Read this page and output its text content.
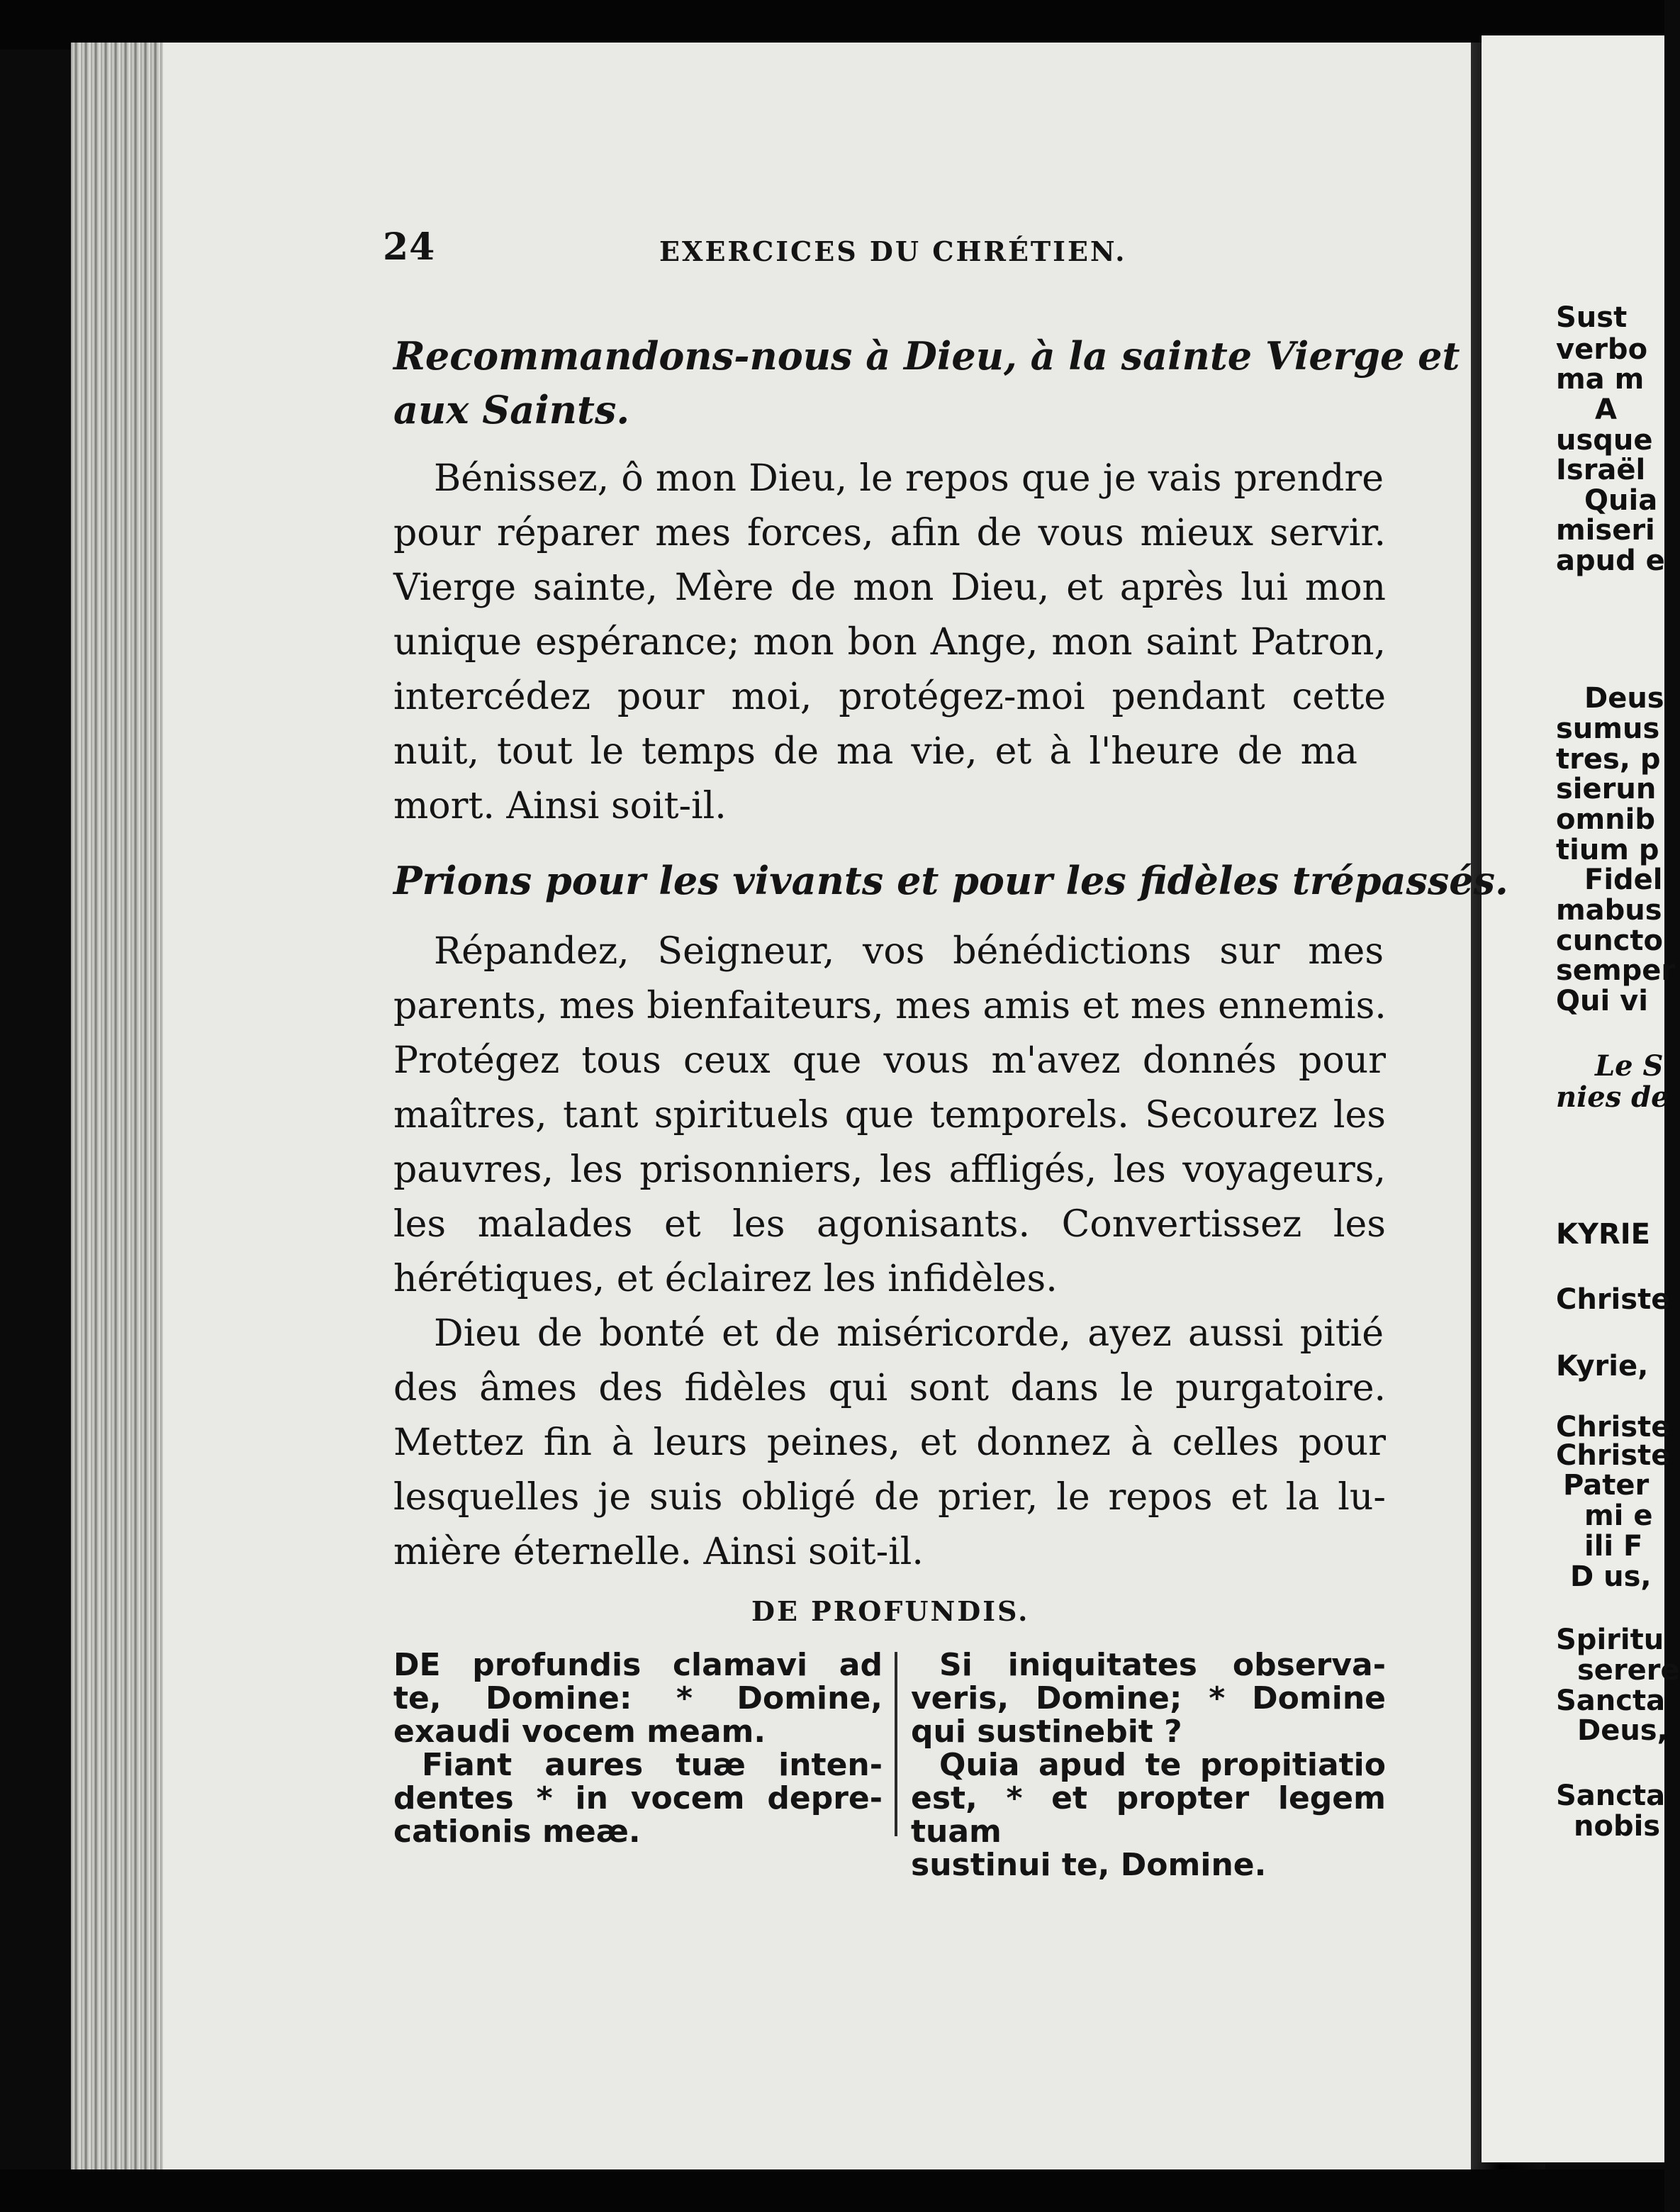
24	EXERCICES DU CHRÉTIEN.
Recommandons-nous à Dieu, à la sainte Vierge et
aux Saints.
Bénissez, ô mon Dieu, le repos que je vais prendre
pour réparer mes forces, afin de vous mieux servir.
Vierge sainte, Mère de mon Dieu, et après lui mon
unique espérance; mon bon Ange, mon saint Patron,
intercédez pour moi, protégez-moi pendant cette
nuit, tout le temps de ma vie, et à l'heure de ma
mort. Ainsi soit-il.
Prions pour les vivants et pour les fidèles trépassés.
Répandez, Seigneur, vos bénédictions sur mes
parents, mes bienfaiteurs, mes amis et mes ennemis.
Protégez tous ceux que vous m'avez donnés pour
maîtres, tant spirituels que temporels. Secourez les
pauvres, les prisonniers, les affligés, les voyageurs,
les malades et les agonisants. Convertissez les
hérétiques, et éclairez les infidèles.
Dieu de bonté et de miséricorde, ayez aussi pitié
des âmes des fidèles qui sont dans le purgatoire.
Mettez fin à leurs peines, et donnez à celles pour
lesquelles je suis obligé de prier, le repos et la lu-
mière éternelle. Ainsi soit-il.
DE PROFUNDIS.
DE profundis clamavi ad
te, Domine: * Domine,
exaudi vocem meam.
Fiant aures tuæ inten-
dentes * in vocem depre-
cationis meæ.
Si iniquitates observa-
veris, Domine; * Domine
qui sustinebit ?
Quia apud te propitiatio
est, * et propter legem tuam
sustinui te, Domine.
Sust
verbo
ma m
A
usque
Israël
Quia
miseri
apud e
Deus
sumus
tres, p
sierun
omnib
tium p
Fidel
mabus
cuncto
semper
Qui vi
Le S
nies de
KYRIE
Christe
Kyrie,
Christe
Christe
Pater
mi e
ili F
D us,
Spiritu
serere
Sancta
Deus,
Sancta
nobis
